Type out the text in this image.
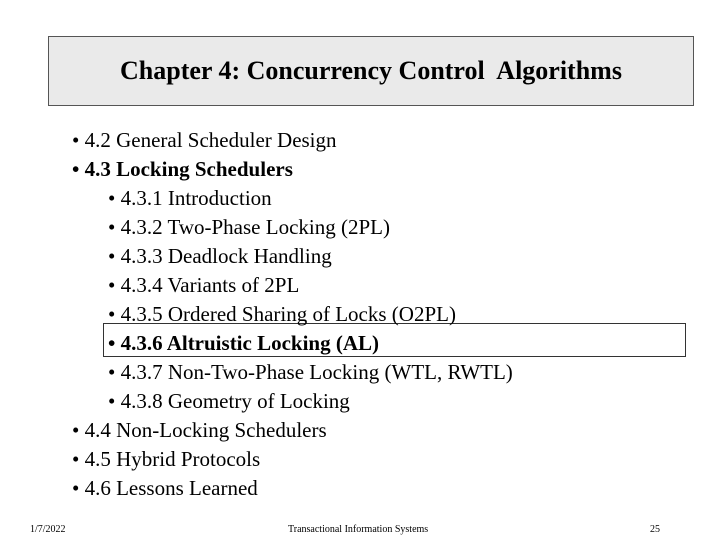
Chapter 4: Concurrency Control  Algorithms
• 4.2 General Scheduler Design
• 4.3 Locking Schedulers
• 4.3.1 Introduction
• 4.3.2 Two-Phase Locking (2PL)
• 4.3.3 Deadlock Handling
• 4.3.4 Variants of 2PL
• 4.3.5 Ordered Sharing of Locks (O2PL)
• 4.3.6 Altruistic Locking (AL)
• 4.3.7 Non-Two-Phase Locking (WTL, RWTL)
• 4.3.8 Geometry of Locking
• 4.4 Non-Locking Schedulers
• 4.5 Hybrid Protocols
• 4.6 Lessons Learned
1/7/2022	Transactional Information Systems	25
